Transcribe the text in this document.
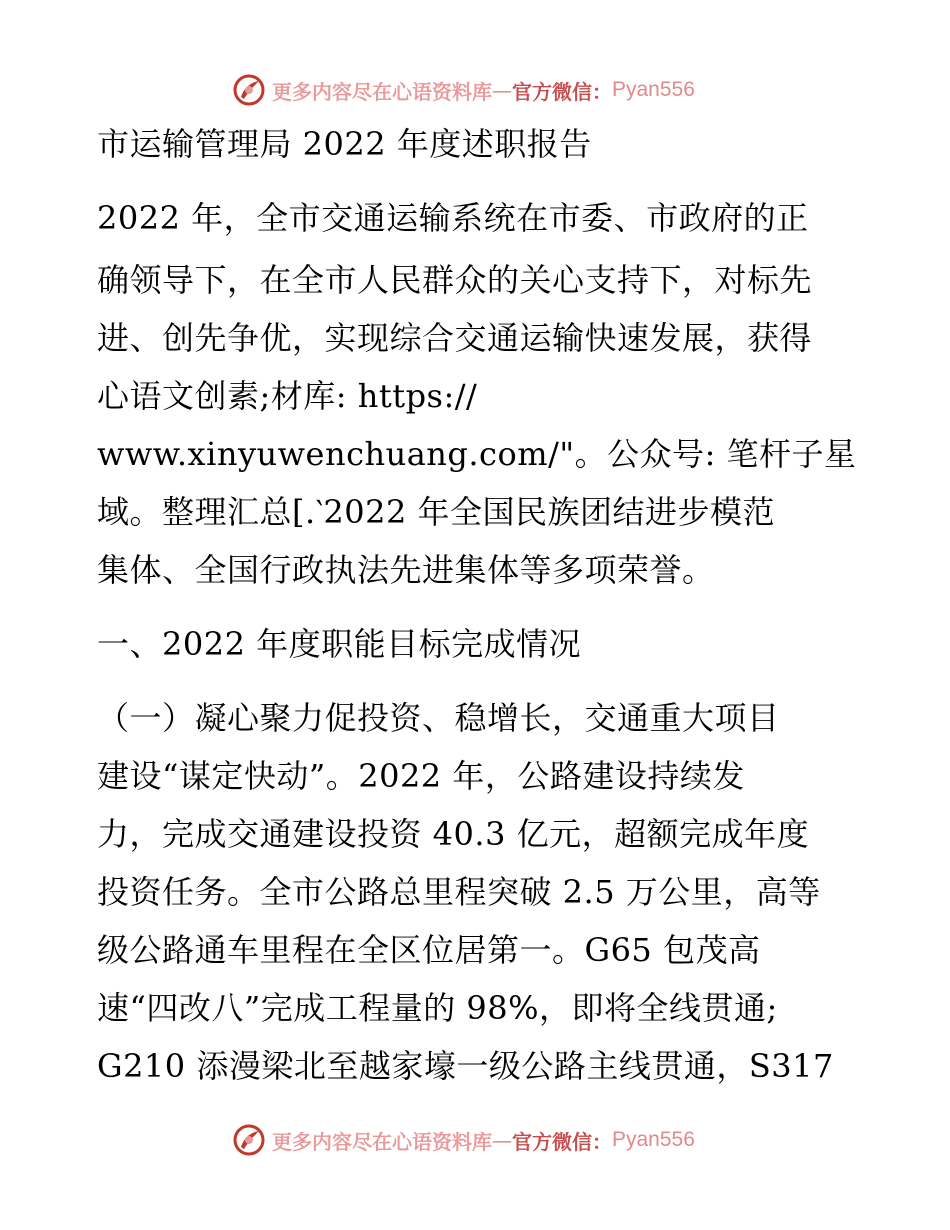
更多内容尽在心语资料库 — 官方微信： Pyan556
市运输管理局 2022 年度述职报告
2022 年，全市交通运输系统在市委、市政府的正
确领导下，在全市人民群众的关心支持下，对标先
进、创先争优，实现综合交通运输快速发展，获得
心语文创素;材库: https://
www.xinyuwenchuang.com/"。公众号: 笔杆子星
域。整理汇总[.‵2022 年全国民族团结进步模范
集体、全国行政执法先进集体等多项荣誉。
一、2022 年度职能目标完成情况
（一）凝心聚力促投资、稳增长，交通重大项目
建设“谋定快动”。2022 年，公路建设持续发
力，完成交通建设投资 40.3 亿元，超额完成年度
投资任务。全市公路总里程突破 2.5 万公里，高等
级公路通车里程在全区位居第一。G65 包茂高
速“四改八”完成工程量的 98%，即将全线贯通;
G210 添漫梁北至越家壕一级公路主线贯通，S317
更多内容尽在心语资料库 — 官方微信： Pyan556
